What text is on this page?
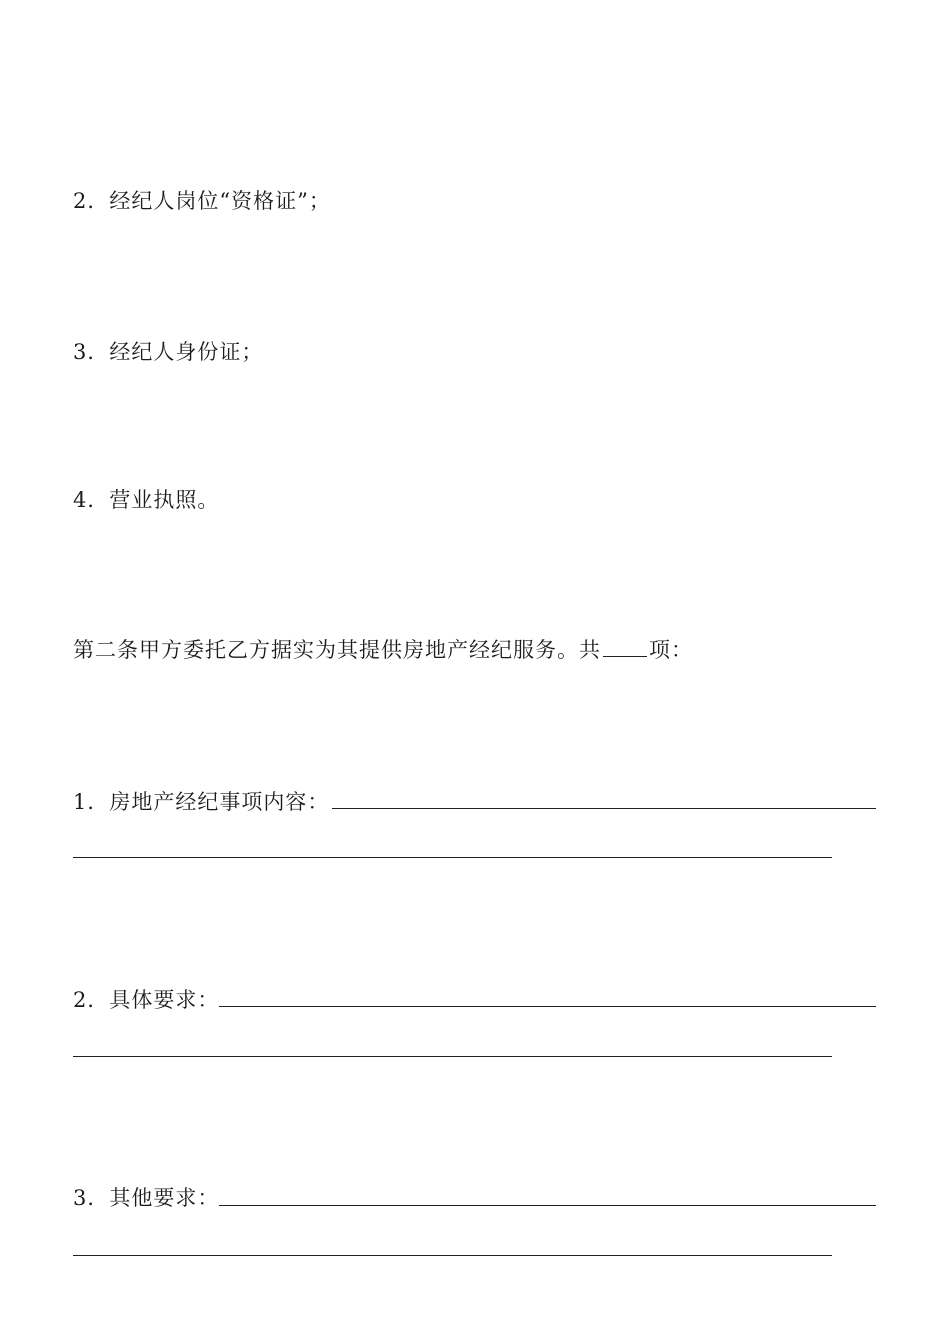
2．经纪人岗位“资格证”；
3．经纪人身份证；
4．营业执照。
第二条甲方委托乙方据实为其提供房地产经纪服务。共 项：
1．房地产经纪事项内容：
2．具体要求：
3．其他要求：
